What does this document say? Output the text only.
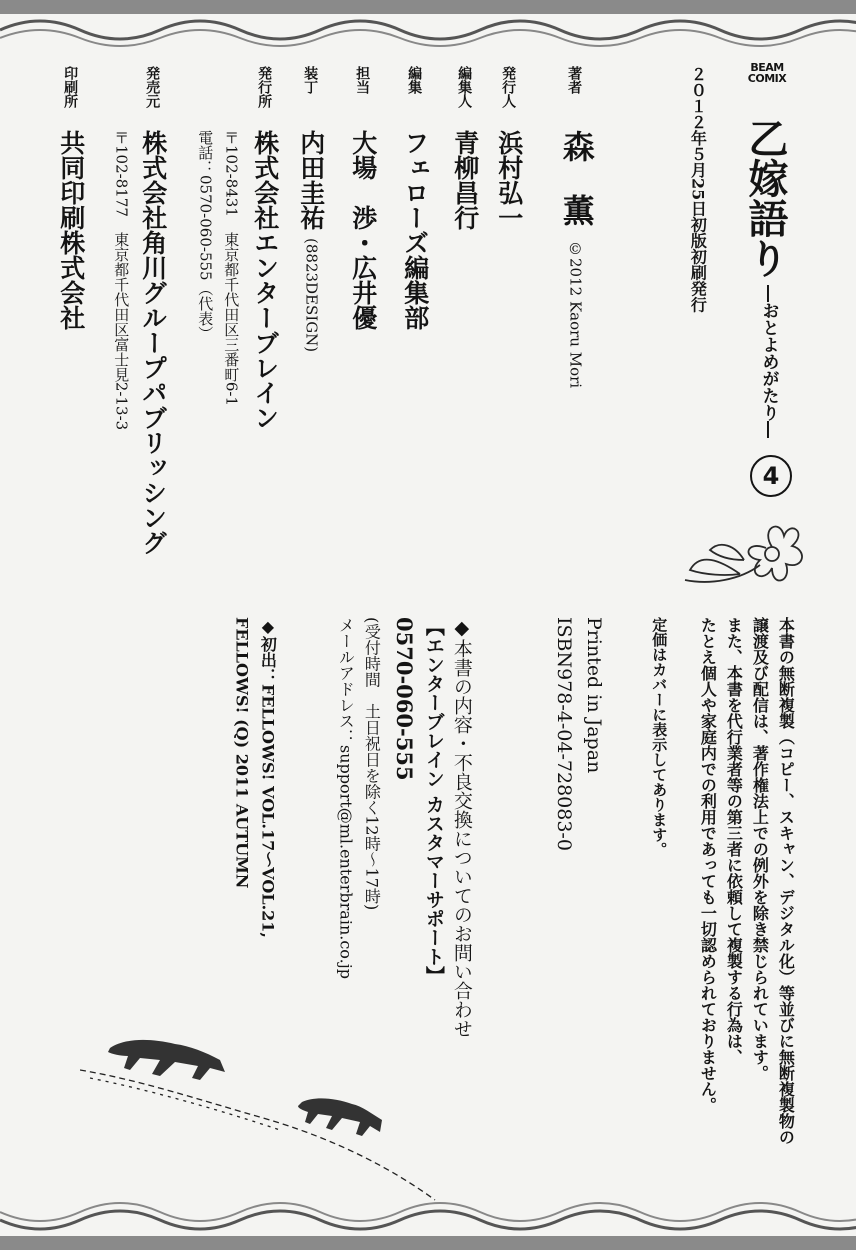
BEAM
COMIX
２０１２年５月25日初版初刷発行 乙嫁語り
―おとよめがたり―
4
著者
森　薫
©2012 Kaoru Mori
発行人
浜村弘一
編集人
青柳昌行
編集
フェローズ編集部
担当
大場　渉・広井優
装丁
内田圭祐
(8823DESIGN)
発行所
株式会社エンターブレイン
〒102-8431　東京都千代田区三番町6-1
電話：0570-060-555（代表）
発売元
株式会社角川グループパブリッシング
〒102-8177　東京都千代田区富士見2-13-3
印刷所
共同印刷株式会社
本書の無断複製（コピー、スキャン、デジタル化）等並びに無断複製物の
譲渡及び配信は、著作権法上での例外を除き禁じられています。
また、本書を代行業者等の第三者に依頼して複製する行為は、
たとえ個人や家庭内での利用であっても一切認められておりません。
定価はカバーに表示してあります。
Printed in Japan
ISBN978-4-04-728083-0
◆本書の内容・不良交換についてのお問い合わせ
【エンターブレイン カスタマーサポート】
0570-060-555
(受付時間　土日祝日を除く12時～17時)
メールアドレス：support@ml.enterbrain.co.jp
◆初出：FELLOWS! VOL.17～VOL.21,
FELLOWS! (Q) 2011 AUTUMN
